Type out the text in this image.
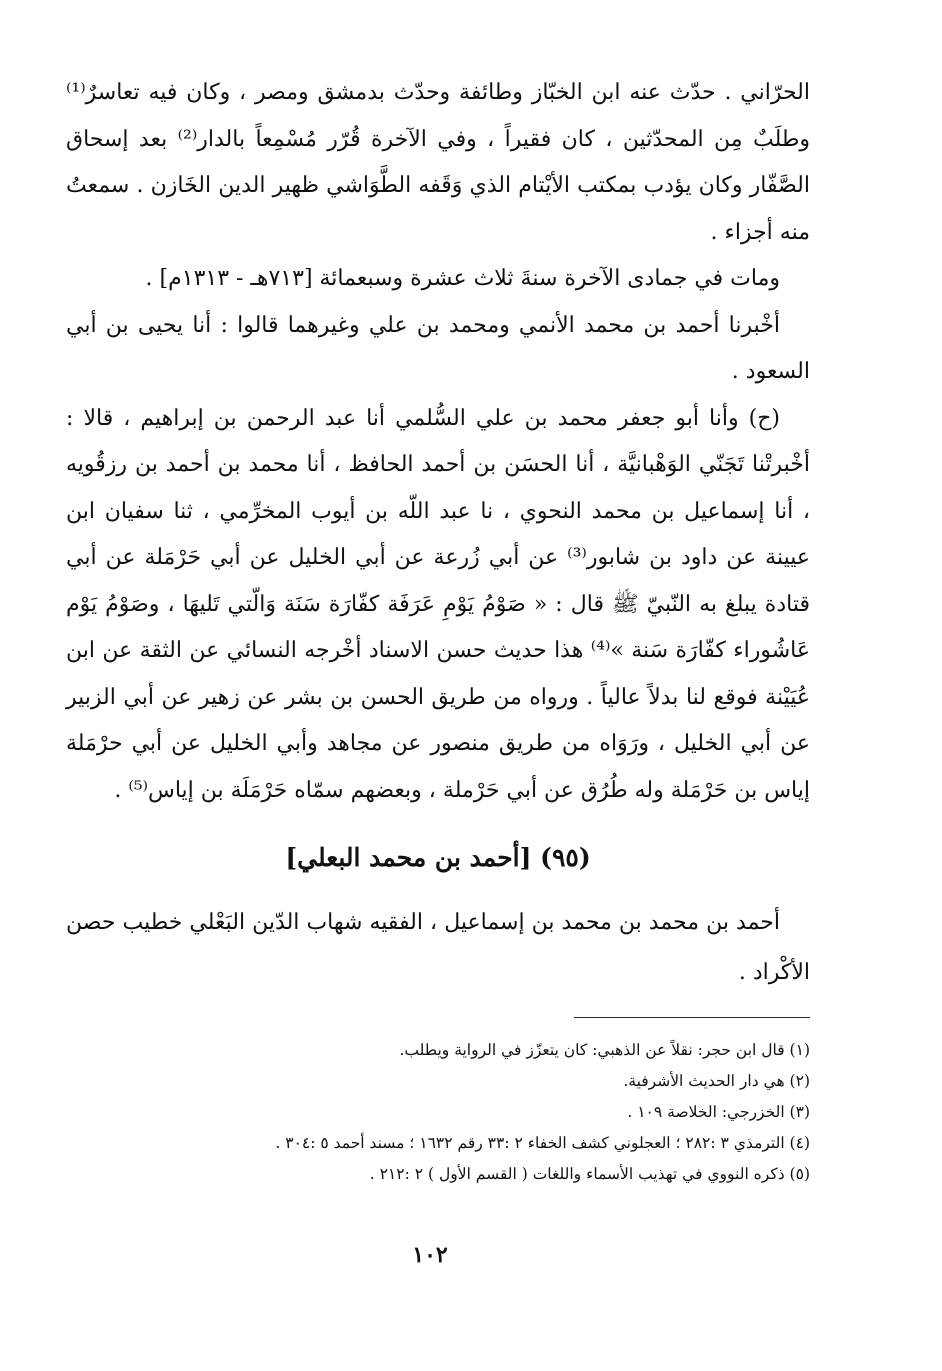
الحرّاني . حدّث عنه ابن الخبّاز وطائفة وحدّث بدمشق ومصر ، وكان فيه تعاسرٌ⁽¹⁾ وطلَبٌ مِن المحدّثين ، كان فقيراً ، وفي الآخرة قُرّر مُسْمِعاً بالدار⁽²⁾ بعد إسحاق الصَّفّار وكان يؤدب بمكتب الأيْتام الذي وَقَفه الطَّوَاشي ظهير الدين الخَازن . سمعتُ منه أجزاء .

ومات في جمادى الآخرة سنةَ ثلاث عشرة وسبعمائة [٧١٣هـ - ١٣١٣م] .

أخْبرنا أحمد بن محمد الأنمي ومحمد بن علي وغيرهما قالوا : أنا يحيى بن أبي السعود .

(ح) وأنا أبو جعفر محمد بن علي السُّلمي أنا عبد الرحمن بن إبراهيم ، قالا : أخْبرتْنا تَجَنّي الوَهْبانيَّة ، أنا الحسَن بن أحمد الحافظ ، أنا محمد بن أحمد بن رزقُويه ، أنا إسماعيل بن محمد النحوي ، نا عبد اللّه بن أيوب المخرِّمي ، ثنا سفيان ابن عيينة عن داود بن شابور⁽³⁾ عن أبي زُرعة عن أبي الخليل عن أبي حَرْمَلة عن أبي قتادة يبلغ به النّبيّ ﷺ قال : « صَوْمُ يَوْمِ عَرَفَة كفّارَة سَنَة وَالّتي تَليهَا ، وصَوْمُ يَوْم عَاشُوراء كفّارَة سَنة »⁽⁴⁾ هذا حديث حسن الاسناد أخْرجه النسائي عن الثقة عن ابن عُيَيْنة فوقع لنا بدلاً عالياً . ورواه من طريق الحسن بن بشر عن زهير عن أبي الزبير عن أبي الخليل ، ورَوَاه من طريق منصور عن مجاهد وأبي الخليل عن أبي حرْمَلة إياس بن حَرْمَلة وله طُرُق عن أبي حَرْملة ، وبعضهم سمّاه حَرْمَلَة بن إياس⁽⁵⁾ .

(٩٥) [أحمد بن محمد البعلي]

أحمد بن محمد بن محمد بن إسماعيل ، الفقيه شهاب الدّين البَعْلي خطيب حصن الأكْراد .

(١) قال ابن حجر: نقلاً عن الذهبي: كان يتعزّز في الرواية ويطلب.
(٢) هي دار الحديث الأشرفية.
(٣) الخزرجي: الخلاصة ١٠٩ .
(٤) الترمذي ٣ :٢٨٢ ؛ العجلوني كشف الخفاء ٢ :٣٣ رقم ١٦٣٢ ؛ مسند أحمد ٥ :٣٠٤ .
(٥) ذكره النووي في تهذيب الأسماء واللغات ( القسم الأول ) ٢ :٢١٢ .
١٠٢
